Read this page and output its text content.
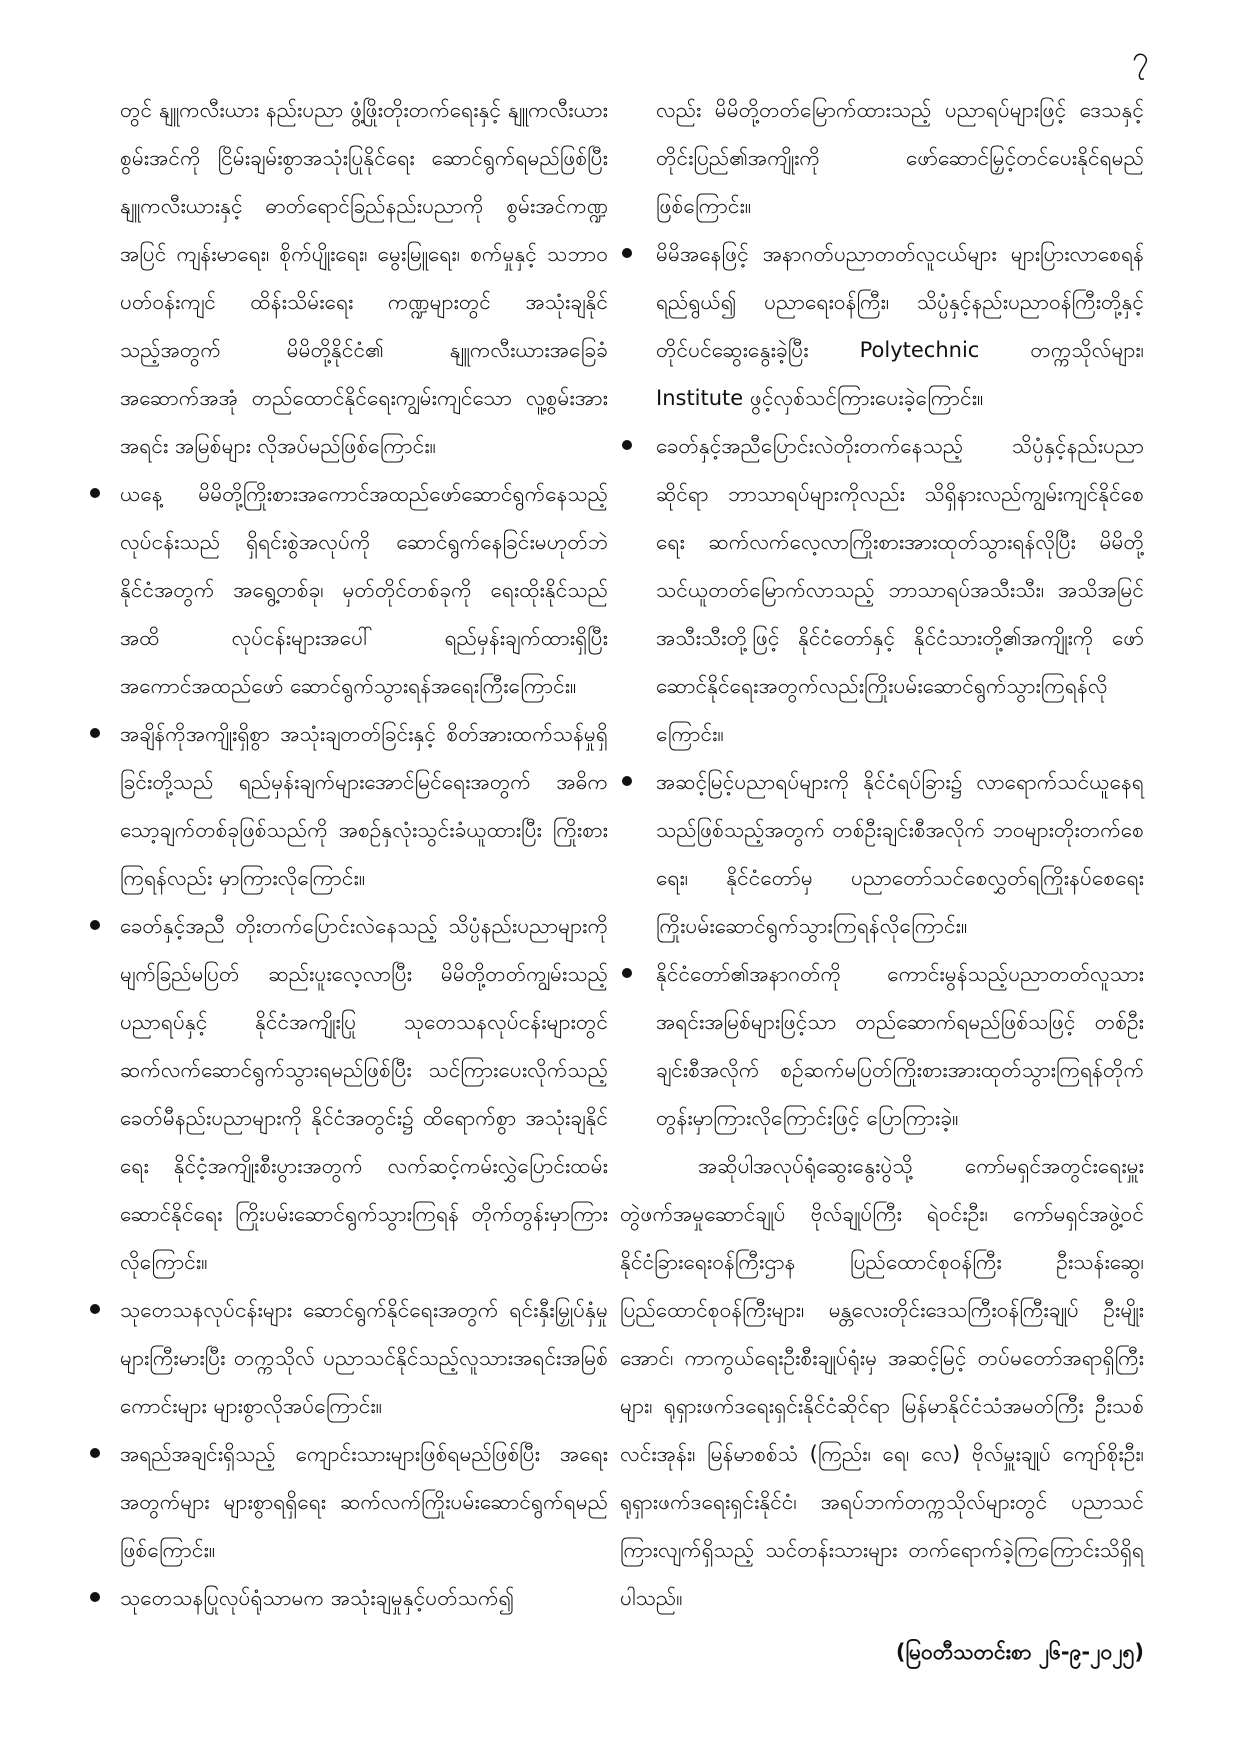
၇

တွင် နျူကလီးယား နည်းပညာ ဖွံ့ဖြိုးတိုးတက်ရေးနှင့် နျူကလီးယားစွမ်းအင်ကို ငြိမ်းချမ်းစွာအသုံးပြုနိုင်ရေး ဆောင်ရွက်ရမည်ဖြစ်ပြီး နျူကလီးယားနှင့် ဓာတ်ရောင်ခြည်နည်းပညာကို စွမ်းအင်ကဏ္ဍအပြင် ကျန်းမာရေး၊ စိုက်ပျိုးရေး၊ မွေးမြူရေး၊ စက်မှုနှင့် သဘာဝပတ်ဝန်းကျင် ထိန်းသိမ်းရေး ကဏ္ဍများတွင် အသုံးချနိုင်သည့်အတွက် မိမိတို့နိုင်ငံ၏ နျူကလီးယားအခြေခံ အဆောက်အအုံ တည်ထောင်နိုင်ရေးကျွမ်းကျင်သော လူ့စွမ်းအားအရင်း အမြစ်များ လိုအပ်မည်ဖြစ်ကြောင်း။

ယနေ့ မိမိတို့ကြိုးစားအကောင်အထည်ဖော်ဆောင်ရွက်နေသည့်လုပ်ငန်းသည် ရှိရင်းစွဲအလုပ်ကို ဆောင်ရွက်နေခြင်းမဟုတ်ဘဲ နိုင်ငံအတွက် အရွေ့တစ်ခု၊ မှတ်တိုင်တစ်ခုကို ရေးထိုးနိုင်သည်အထိ လုပ်ငန်းများအပေါ် ရည်မှန်းချက်ထားရှိပြီး အကောင်အထည်ဖော် ဆောင်ရွက်သွားရန်အရေးကြီးကြောင်း။
အချိန်ကိုအကျိုးရှိစွာ အသုံးချတတ်ခြင်းနှင့် စိတ်အားထက်သန်မှုရှိခြင်းတို့သည် ရည်မှန်းချက်များအောင်မြင်ရေးအတွက် အဓိကသော့ချက်တစ်ခုဖြစ်သည်ကို အစဉ်နှလုံးသွင်းခံယူထားပြီး ကြိုးစားကြရန်လည်း မှာကြားလိုကြောင်း။
ခေတ်နှင့်အညီ တိုးတက်ပြောင်းလဲနေသည့် သိပ္ပံနည်းပညာများကို မျက်ခြည်မပြတ် ဆည်းပူးလေ့လာပြီး မိမိတို့တတ်ကျွမ်းသည့်ပညာရပ်နှင့် နိုင်ငံအကျိုးပြု သုတေသနလုပ်ငန်းများတွင် ဆက်လက်ဆောင်ရွက်သွားရမည်ဖြစ်ပြီး သင်ကြားပေးလိုက်သည့် ခေတ်မီနည်းပညာများကို နိုင်ငံအတွင်း၌ ထိရောက်စွာ အသုံးချနိုင်ရေး နိုင်ငံ့အကျိုးစီးပွားအတွက် လက်ဆင့်ကမ်းလွှဲပြောင်းထမ်းဆောင်နိုင်ရေး ကြိုးပမ်းဆောင်ရွက်သွားကြရန် တိုက်တွန်းမှာကြားလိုကြောင်း။
သုတေသနလုပ်ငန်းများ ဆောင်ရွက်နိုင်ရေးအတွက် ရင်းနှီးမြှုပ်နှံမှုများကြီးမားပြီး တက္ကသိုလ် ပညာသင်နိုင်သည့်လူသားအရင်းအမြစ်ကောင်းများ များစွာလိုအပ်ကြောင်း။
အရည်အချင်းရှိသည့် ကျောင်းသားများဖြစ်ရမည်ဖြစ်ပြီး အရေးအတွက်များ များစွာရရှိရေး ဆက်လက်ကြိုးပမ်းဆောင်ရွက်ရမည်ဖြစ်ကြောင်း။
သုတေသနပြုလုပ်ရုံသာမက အသုံးချမှုနှင့်ပတ်သက်၍

လည်း မိမိတို့တတ်မြောက်ထားသည့် ပညာရပ်များဖြင့် ဒေသနှင့်တိုင်းပြည်၏အကျိုးကို ဖော်ဆောင်မြှင့်တင်ပေးနိုင်ရမည်ဖြစ်ကြောင်း။

မိမိအနေဖြင့် အနာဂတ်ပညာတတ်လူငယ်များ များပြားလာစေရန် ရည်ရွယ်၍ ပညာရေးဝန်ကြီး၊ သိပ္ပံနှင့်နည်းပညာဝန်ကြီးတို့နှင့်တိုင်ပင်ဆွေးနွေးခဲ့ပြီး Polytechnic တက္ကသိုလ်များ၊ Institute ဖွင့်လှစ်သင်ကြားပေးခဲ့ကြောင်း။
ခေတ်နှင့်အညီပြောင်းလဲတိုးတက်နေသည့် သိပ္ပံနှင့်နည်းပညာဆိုင်ရာ ဘာသာရပ်များကိုလည်း သိရှိနားလည်ကျွမ်းကျင်နိုင်စေရေး ဆက်လက်လေ့လာကြိုးစားအားထုတ်သွားရန်လိုပြီး မိမိတို့သင်ယူတတ်မြောက်လာသည့် ဘာသာရပ်အသီးသီး၊ အသိအမြင်အသီးသီးတို့ဖြင့် နိုင်ငံတော်နှင့် နိုင်ငံသားတို့၏အကျိုးကို ဖော်ဆောင်နိုင်ရေးအတွက်လည်းကြိုးပမ်းဆောင်ရွက်သွားကြရန်လိုကြောင်း။
အဆင့်မြင့်ပညာရပ်များကို နိုင်ငံရပ်ခြား၌ လာရောက်သင်ယူနေရသည်ဖြစ်သည့်အတွက် တစ်ဦးချင်းစီအလိုက် ဘဝများတိုးတက်စေရေး၊ နိုင်ငံတော်မှ ပညာတော်သင်စေလွှတ်ရကြိုးနပ်စေရေး ကြိုးပမ်းဆောင်ရွက်သွားကြရန်လိုကြောင်း။
နိုင်ငံတော်၏အနာဂတ်ကို ကောင်းမွန်သည့်ပညာတတ်လူသားအရင်းအမြစ်များဖြင့်သာ တည်ဆောက်ရမည်ဖြစ်သဖြင့် တစ်ဦးချင်းစီအလိုက် စဉ်ဆက်မပြတ်ကြိုးစားအားထုတ်သွားကြရန်တိုက်တွန်းမှာကြားလိုကြောင်းဖြင့် ပြောကြားခဲ့။

အဆိုပါအလုပ်ရုံဆွေးနွေးပွဲသို့ ကော်မရှင်အတွင်းရေးမှူး တွဲဖက်အမှုဆောင်ချုပ် ဗိုလ်ချုပ်ကြီး ရဲဝင်းဦး၊ ကော်မရှင်အဖွဲ့ဝင် နိုင်ငံခြားရေးဝန်ကြီးဌာန ပြည်ထောင်စုဝန်ကြီး ဦးသန်းဆွေ၊ ပြည်ထောင်စုဝန်ကြီးများ၊ မန္တလေးတိုင်းဒေသကြီးဝန်ကြီးချုပ် ဦးမျိုးအောင်၊ ကာကွယ်ရေးဦးစီးချုပ်ရုံးမှ အဆင့်မြင့် တပ်မတော်အရာရှိကြီးများ၊ ရုရှားဖက်ဒရေးရှင်းနိုင်ငံဆိုင်ရာ မြန်မာနိုင်ငံသံအမတ်ကြီး ဦးသစ်လင်းအုန်း၊ မြန်မာစစ်သံ (ကြည်း၊ ရေ၊ လေ) ဗိုလ်မှူးချုပ် ကျော်စိုးဦး၊ ရုရှားဖက်ဒရေးရှင်းနိုင်ငံ၊ အရပ်ဘက်တက္ကသိုလ်များတွင် ပညာသင်ကြားလျက်ရှိသည့် သင်တန်းသားများ တက်ရောက်ခဲ့ကြကြောင်းသိရှိရပါသည်။

(မြဝတီသတင်းစာ ၂၆-၉-၂၀၂၅)
